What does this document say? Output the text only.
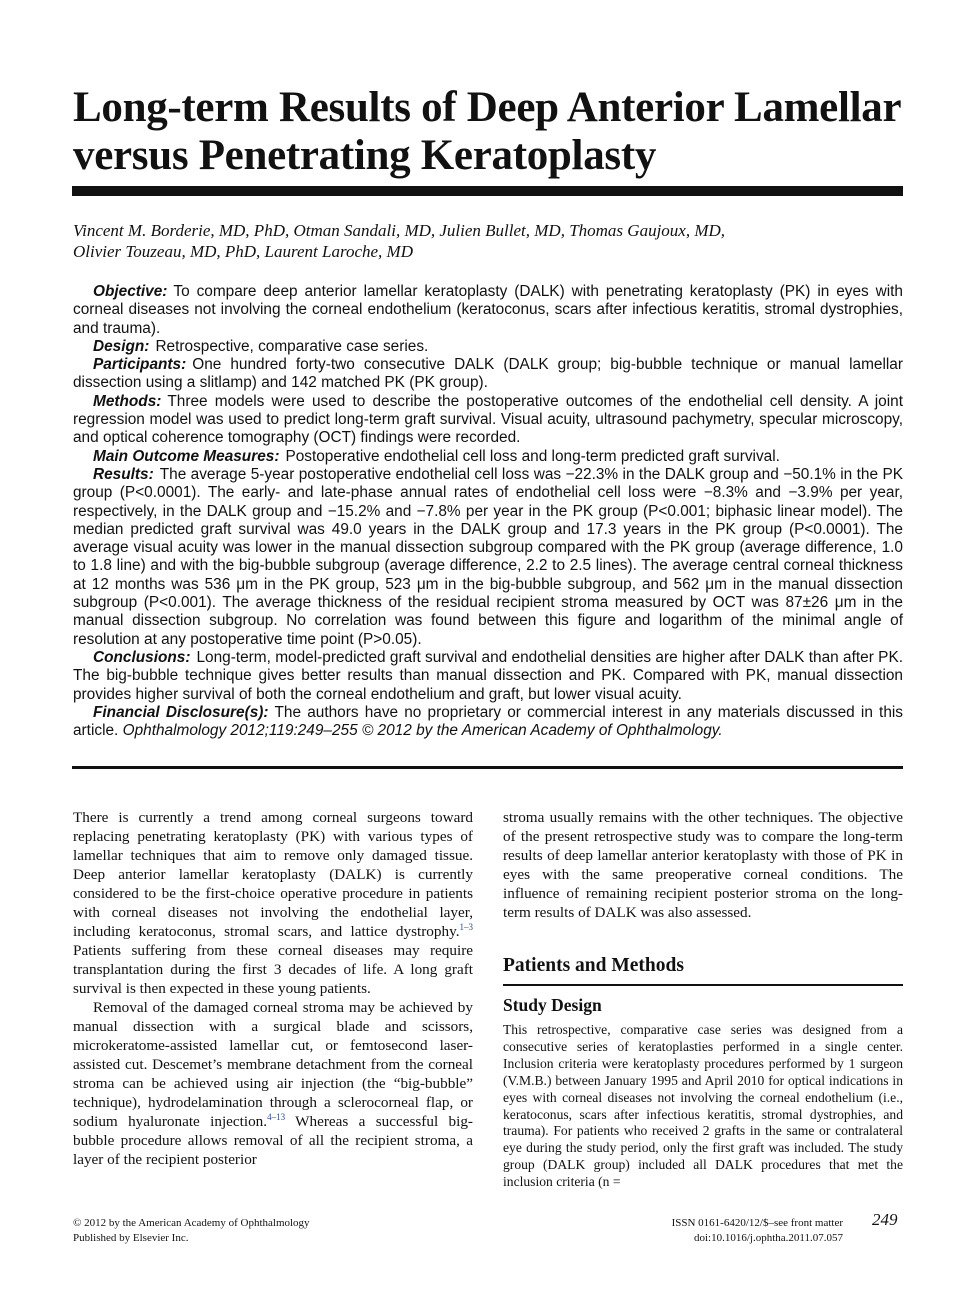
Long-term Results of Deep Anterior Lamellar versus Penetrating Keratoplasty
Vincent M. Borderie, MD, PhD, Otman Sandali, MD, Julien Bullet, MD, Thomas Gaujoux, MD,
Olivier Touzeau, MD, PhD, Laurent Laroche, MD

Objective: To compare deep anterior lamellar keratoplasty (DALK) with penetrating keratoplasty (PK) in eyes with corneal diseases not involving the corneal endothelium (keratoconus, scars after infectious keratitis, stromal dystrophies, and trauma).

Design: Retrospective, comparative case series.

Participants: One hundred forty-two consecutive DALK (DALK group; big-bubble technique or manual lamellar dissection using a slitlamp) and 142 matched PK (PK group).

Methods: Three models were used to describe the postoperative outcomes of the endothelial cell density. A joint regression model was used to predict long-term graft survival. Visual acuity, ultrasound pachymetry, specular microscopy, and optical coherence tomography (OCT) findings were recorded.

Main Outcome Measures: Postoperative endothelial cell loss and long-term predicted graft survival.

Results: The average 5-year postoperative endothelial cell loss was −22.3% in the DALK group and −50.1% in the PK group (P<0.0001). The early- and late-phase annual rates of endothelial cell loss were −8.3% and −3.9% per year, respectively, in the DALK group and −15.2% and −7.8% per year in the PK group (P<0.001; biphasic linear model). The median predicted graft survival was 49.0 years in the DALK group and 17.3 years in the PK group (P<0.0001). The average visual acuity was lower in the manual dissection subgroup compared with the PK group (average difference, 1.0 to 1.8 line) and with the big-bubble subgroup (average difference, 2.2 to 2.5 lines). The average central corneal thickness at 12 months was 536 μm in the PK group, 523 μm in the big-bubble subgroup, and 562 μm in the manual dissection subgroup (P<0.001). The average thickness of the residual recipient stroma measured by OCT was 87±26 μm in the manual dissection subgroup. No correlation was found between this figure and logarithm of the minimal angle of resolution at any postoperative time point (P>0.05).

Conclusions: Long-term, model-predicted graft survival and endothelial densities are higher after DALK than after PK. The big-bubble technique gives better results than manual dissection and PK. Compared with PK, manual dissection provides higher survival of both the corneal endothelium and graft, but lower visual acuity.

Financial Disclosure(s): The authors have no proprietary or commercial interest in any materials discussed in this article. Ophthalmology 2012;119:249–255 © 2012 by the American Academy of Ophthalmology.

There is currently a trend among corneal surgeons toward replacing penetrating keratoplasty (PK) with various types of lamellar techniques that aim to remove only damaged tissue. Deep anterior lamellar keratoplasty (DALK) is currently considered to be the first-choice operative procedure in patients with corneal diseases not involving the endothelial layer, including keratoconus, stromal scars, and lattice dystrophy.$^{1-3}$ Patients suffering from these corneal diseases may require transplantation during the first 3 decades of life. A long graft survival is then expected in these young patients.

Removal of the damaged corneal stroma may be achieved by manual dissection with a surgical blade and scissors, microkeratome-assisted lamellar cut, or femtosecond laser-assisted cut. Descemet’s membrane detachment from the corneal stroma can be achieved using air injection (the “big-bubble” technique), hydrodelamination through a sclerocorneal flap, or sodium hyaluronate injection.$^{4-13}$ Whereas a successful big-bubble procedure allows removal of all the recipient stroma, a layer of the recipient posterior

stroma usually remains with the other techniques. The objective of the present retrospective study was to compare the long-term results of deep lamellar anterior keratoplasty with those of PK in eyes with the same preoperative corneal conditions. The influence of remaining recipient posterior stroma on the long-term results of DALK was also assessed.

Patients and Methods
Study Design

This retrospective, comparative case series was designed from a consecutive series of keratoplasties performed in a single center. Inclusion criteria were keratoplasty procedures performed by 1 surgeon (V.M.B.) between January 1995 and April 2010 for optical indications in eyes with corneal diseases not involving the corneal endothelium (i.e., keratoconus, scars after infectious keratitis, stromal dystrophies, and trauma). For patients who received 2 grafts in the same or contralateral eye during the study period, only the first graft was included. The study group (DALK group) included all DALK procedures that met the inclusion criteria (n =

© 2012 by the American Academy of Ophthalmology
Published by Elsevier Inc.
ISSN 0161-6420/12/$–see front matter
doi:10.1016/j.ophtha.2011.07.057
249
